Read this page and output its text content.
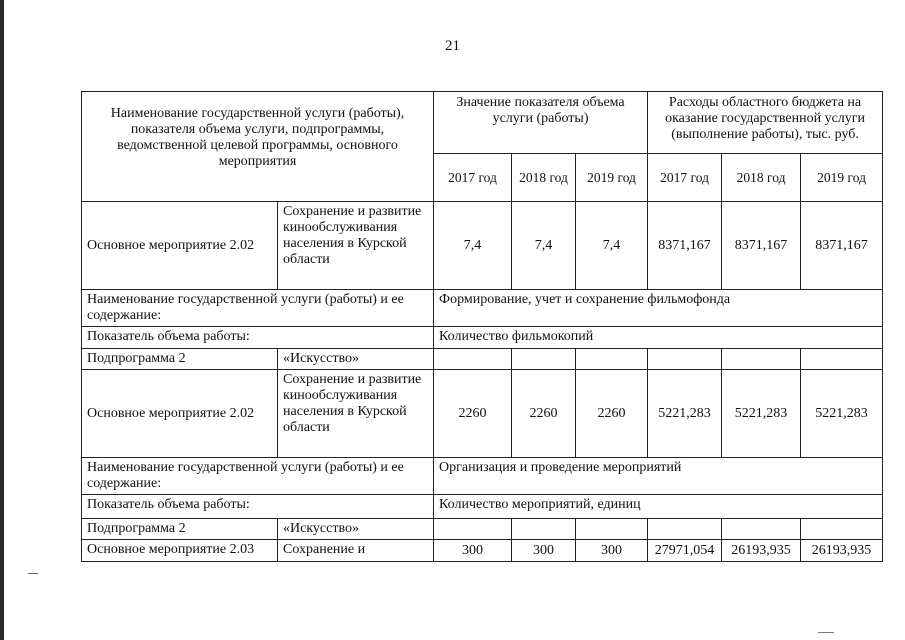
21
Наименование государственной услуги (работы), показателя объема услуги, подпрограммы, ведомственной целевой программы, основного мероприятия		Значение показателя объема услуги (работы)			Расходы областного бюджета на оказание государственной услуги (выполнение работы), тыс. руб.		
		2017 год	2018 год	2019 год	2017 год	2018 год	2019 год
Основное мероприятие 2.02	Сохранение и развитие кинообслуживания населения в Курской области	7,4	7,4	7,4	8371,167	8371,167	8371,167
Наименование государственной услуги (работы) и ее содержание:		Формирование, учет и сохранение фильмофонда					
Показатель объема работы:		Количество фильмокопий					
Подпрограмма 2	«Искусство»						
Основное мероприятие 2.02	Сохранение и развитие кинообслуживания населения в Курской области	2260	2260	2260	5221,283	5221,283	5221,283
Наименование государственной услуги (работы) и ее содержание:		Организация и проведение мероприятий					
Показатель объема работы:		Количество мероприятий, единиц					
Подпрограмма 2	«Искусство»						
Основное мероприятие 2.03	Сохранение и	300	300	300	27971,054	26193,935	26193,935
